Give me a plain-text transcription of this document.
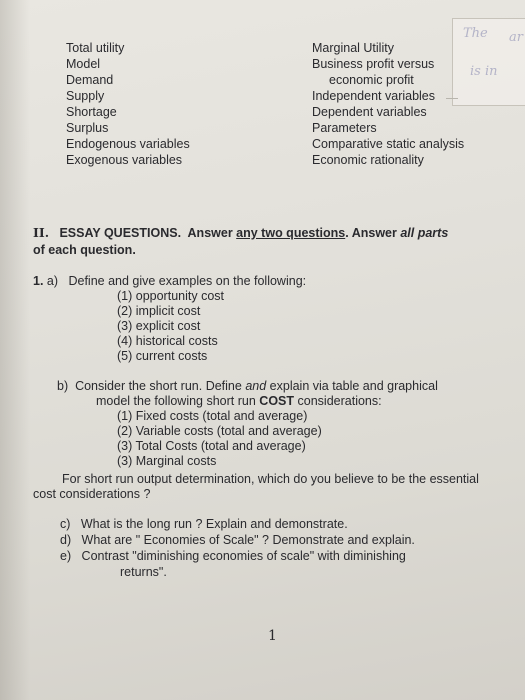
The ar
is in
Total utility
Model
Demand
Supply
Shortage
Surplus
Endogenous variables
Exogenous variables
Marginal Utility
Business profit versus
economic profit
Independent variables
Dependent variables
Parameters
Comparative static analysis
Economic rationality
II. ESSAY QUESTIONS. Answer any two questions. Answer all parts
of each question.
1. a) Define and give examples on the following:
(1) opportunity cost
(2) implicit cost
(3) explicit cost
(4) historical costs
(5) current costs
b) Consider the short run. Define and explain via table and graphical
model the following short run COST considerations:
(1) Fixed costs (total and average)
(2) Variable costs (total and average)
(3) Total Costs (total and average)
(3) Marginal costs
For short run output determination, which do you believe to be the essential
cost considerations ?
c) What is the long run ? Explain and demonstrate.
d) What are " Economies of Scale" ? Demonstrate and explain.
e) Contrast "diminishing economies of scale" with diminishing
returns".
1
